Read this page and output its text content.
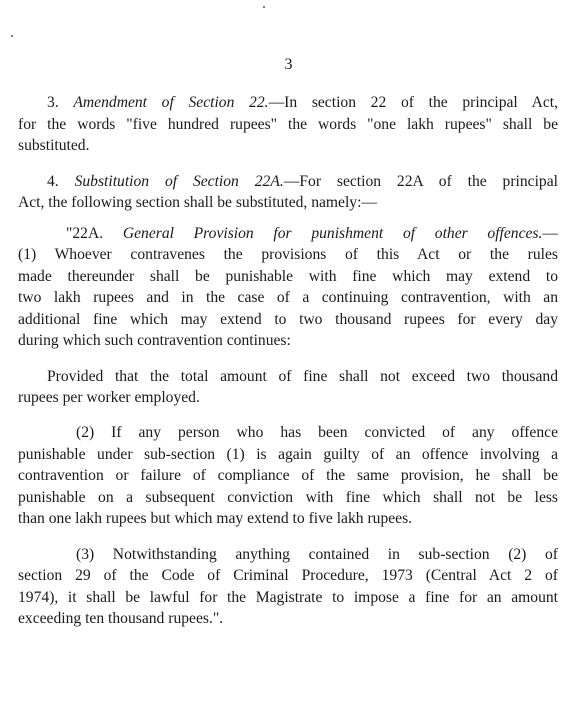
3
3. Amendment of Section 22.—In section 22 of the principal Act,
for the words "five hundred rupees" the words "one lakh rupees" shall be
substituted.
4. Substitution of Section 22A.—For section 22A of the principal
Act, the following section shall be substituted, namely:—
"22A. General Provision for punishment of other offences.—
(1) Whoever contravenes the provisions of this Act or the rules
made thereunder shall be punishable with fine which may extend to
two lakh rupees and in the case of a continuing contravention, with an
additional fine which may extend to two thousand rupees for every day
during which such contravention continues:
Provided that the total amount of fine shall not exceed two thousand
rupees per worker employed.
(2) If any person who has been convicted of any offence
punishable under sub-section (1) is again guilty of an offence involving a
contravention or failure of compliance of the same provision, he shall be
punishable on a subsequent conviction with fine which shall not be less
than one lakh rupees but which may extend to five lakh rupees.
(3) Notwithstanding anything contained in sub-section (2) of
section 29 of the Code of Criminal Procedure, 1973 (Central Act 2 of
1974), it shall be lawful for the Magistrate to impose a fine for an amount
exceeding ten thousand rupees.".
